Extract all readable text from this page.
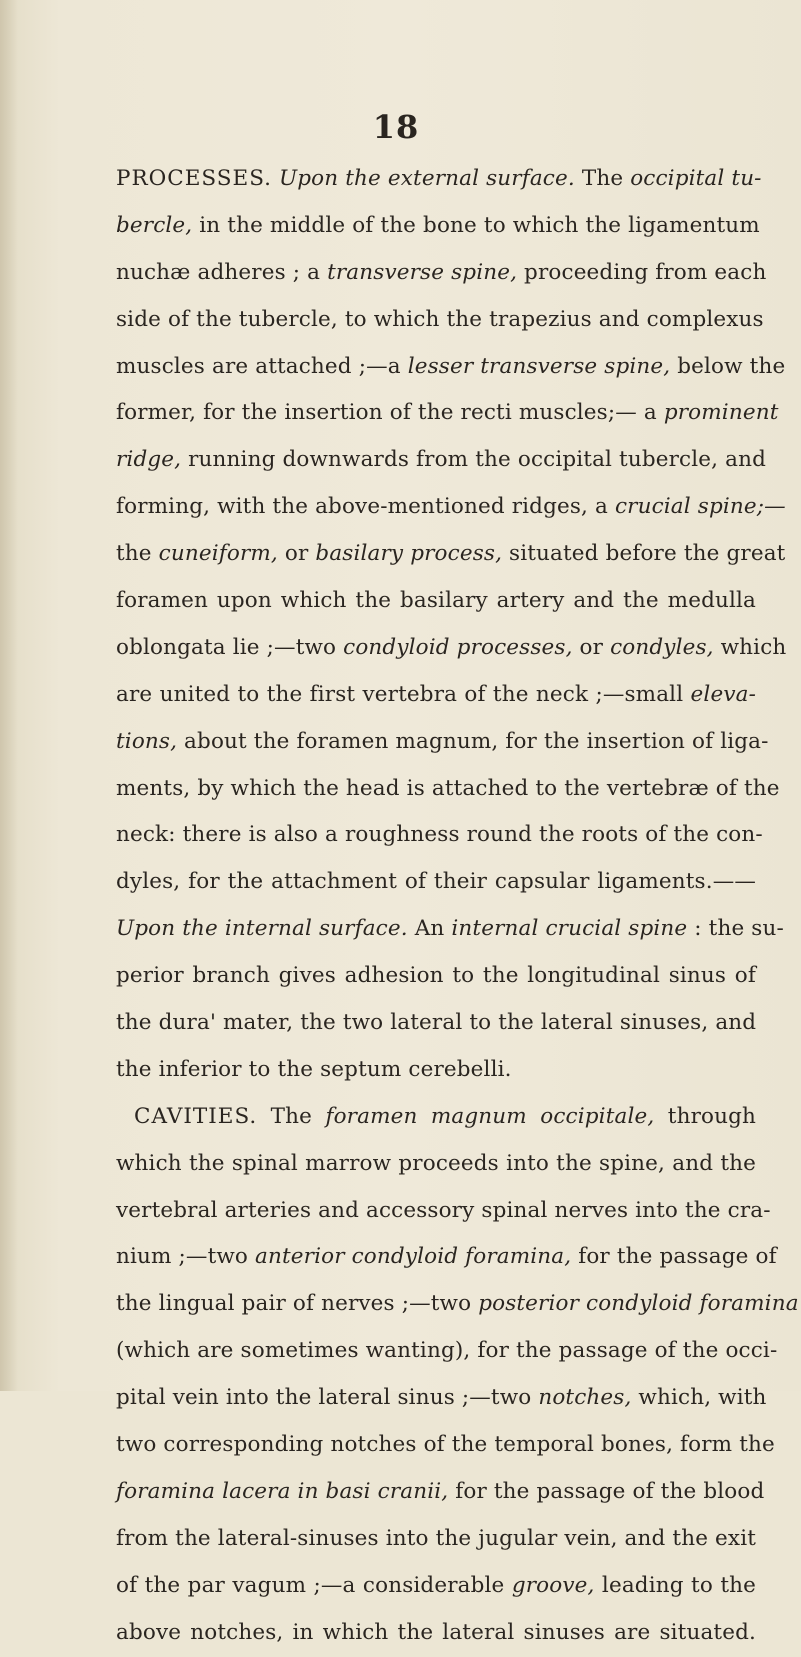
18
PROCESSES. Upon the external surface. The occipital tu-
bercle, in the middle of the bone to which the ligamentum
nuchæ adheres ; a transverse spine, proceeding from each
side of the tubercle, to which the trapezius and complexus
muscles are attached ;—a lesser transverse spine, below the
former, for the insertion of the recti muscles;— a prominent
ridge, running downwards from the occipital tubercle, and
forming, with the above-mentioned ridges, a crucial spine;—
the cuneiform, or basilary process, situated before the great
foramen upon which the basilary artery and the medulla
oblongata lie ;—two condyloid processes, or condyles, which
are united to the first vertebra of the neck ;—small eleva-
tions, about the foramen magnum, for the insertion of liga-
ments, by which the head is attached to the vertebræ of the
neck: there is also a roughness round the roots of the con-
dyles, for the attachment of their capsular ligaments.——
Upon the internal surface. An internal crucial spine : the su-
perior branch gives adhesion to the longitudinal sinus of
the dura' mater, the two lateral to the lateral sinuses, and
the inferior to the septum cerebelli.
CAVITIES. The foramen magnum occipitale, through
which the spinal marrow proceeds into the spine, and the
vertebral arteries and accessory spinal nerves into the cra-
nium ;—two anterior condyloid foramina, for the passage of
the lingual pair of nerves ;—two posterior condyloid foramina
(which are sometimes wanting), for the passage of the occi-
pital vein into the lateral sinus ;—two notches, which, with
two corresponding notches of the temporal bones, form the
foramina lacera in basi cranii, for the passage of the blood
from the lateral-sinuses into the jugular vein, and the exit
of the par vagum ;—a considerable groove, leading to the
above notches, in which the lateral sinuses are situated.
